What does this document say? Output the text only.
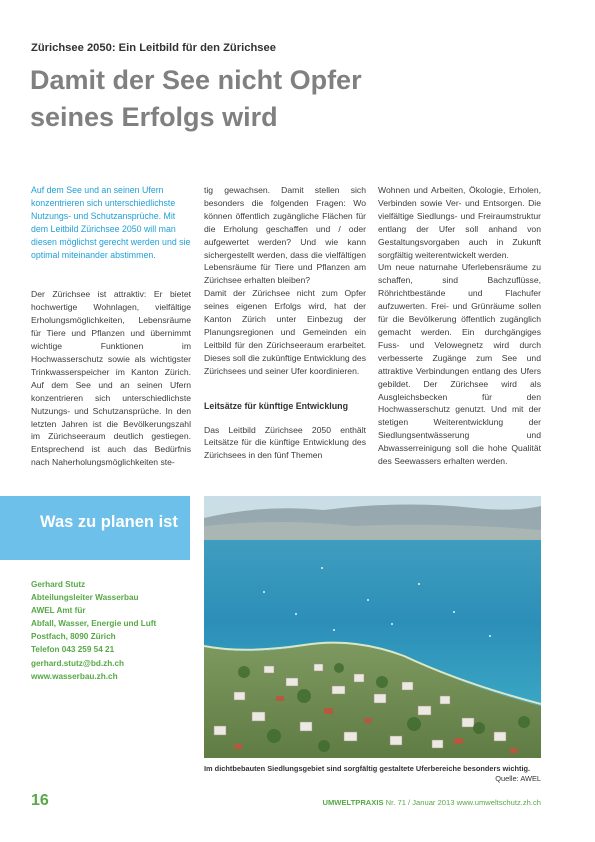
Zürichsee 2050: Ein Leitbild für den Zürichsee
Damit der See nicht Opfer seines Erfolgs wird

Auf dem See und an seinen Ufern konzentrieren sich unterschiedlichste Nutzungs- und Schutzansprüche. Mit dem Leitbild Zürichsee 2050 will man diesen möglichst gerecht werden und sie optimal miteinander abstimmen.

Der Zürichsee ist attraktiv: Er bietet hochwertige Wohnlagen, vielfältige Erholungsmöglichkeiten, Lebensräume für Tiere und Pflanzen und übernimmt wichtige Funktionen im Hochwasserschutz sowie als wichtigster Trinkwasserspeicher im Kanton Zürich. Auf dem See und an seinen Ufern konzentrieren sich unterschiedlichste Nutzungs- und Schutzansprüche. In den letzten Jahren ist die Bevölkerungszahl im Zürichseeraum deutlich gestiegen. Entsprechend ist auch das Bedürfnis nach Naherholungsmöglichkeiten ste-

tig gewachsen. Damit stellen sich besonders die folgenden Fragen: Wo können öffentlich zugängliche Flächen für die Erholung geschaffen und / oder aufgewertet werden? Und wie kann sichergestellt werden, dass die vielfältigen Lebensräume für Tiere und Pflanzen am Zürichsee erhalten bleiben?

Damit der Zürichsee nicht zum Opfer seines eigenen Erfolgs wird, hat der Kanton Zürich unter Einbezug der Planungsregionen und Gemeinden ein Leitbild für den Zürichseeraum erarbeitet. Dieses soll die zukünftige Entwicklung des Zürichsees und seiner Ufer koordinieren.

Leitsätze für künftige Entwicklung

Das Leitbild Zürichsee 2050 enthält Leitsätze für die künftige Entwicklung des Zürichsees in den fünf Themen

Wohnen und Arbeiten, Ökologie, Erholen, Verbinden sowie Ver- und Entsorgen. Die vielfältige Siedlungs- und Freiraumstruktur entlang der Ufer soll anhand von Gestaltungsvorgaben auch in Zukunft sorgfältig weiterentwickelt werden.

Um neue naturnahe Uferlebensräume zu schaffen, sind Bachzuflüsse, Röhrichtbestände und Flachufer aufzuwerten. Frei- und Grünräume sollen für die Bevölkerung öffentlich zugänglich gemacht werden. Ein durchgängiges Fuss- und Velowegnetz wird durch verbesserte Zugänge zum See und attraktive Verbindungen entlang des Ufers gebildet. Der Zürichsee wird als Ausgleichsbecken für den Hochwasserschutz genutzt. Und mit der stetigen Weiterentwicklung der Siedlungsentwässerung und Abwasserreinigung soll die hohe Qualität des Seewassers erhalten werden.

Was zu planen ist
Gerhard Stutz
Abteilungsleiter Wasserbau
AWEL Amt für
Abfall, Wasser, Energie und Luft
Postfach, 8090 Zürich
Telefon 043 259 54 21
gerhard.stutz@bd.zh.ch
www.wasserbau.zh.ch
Im dichtbebauten Siedlungsgebiet sind sorgfältig gestaltete Uferbereiche besonders wichtig.
Quelle: AWEL
16	UMWELTPRAXIS Nr. 71 / Januar 2013 www.umweltschutz.zh.ch
